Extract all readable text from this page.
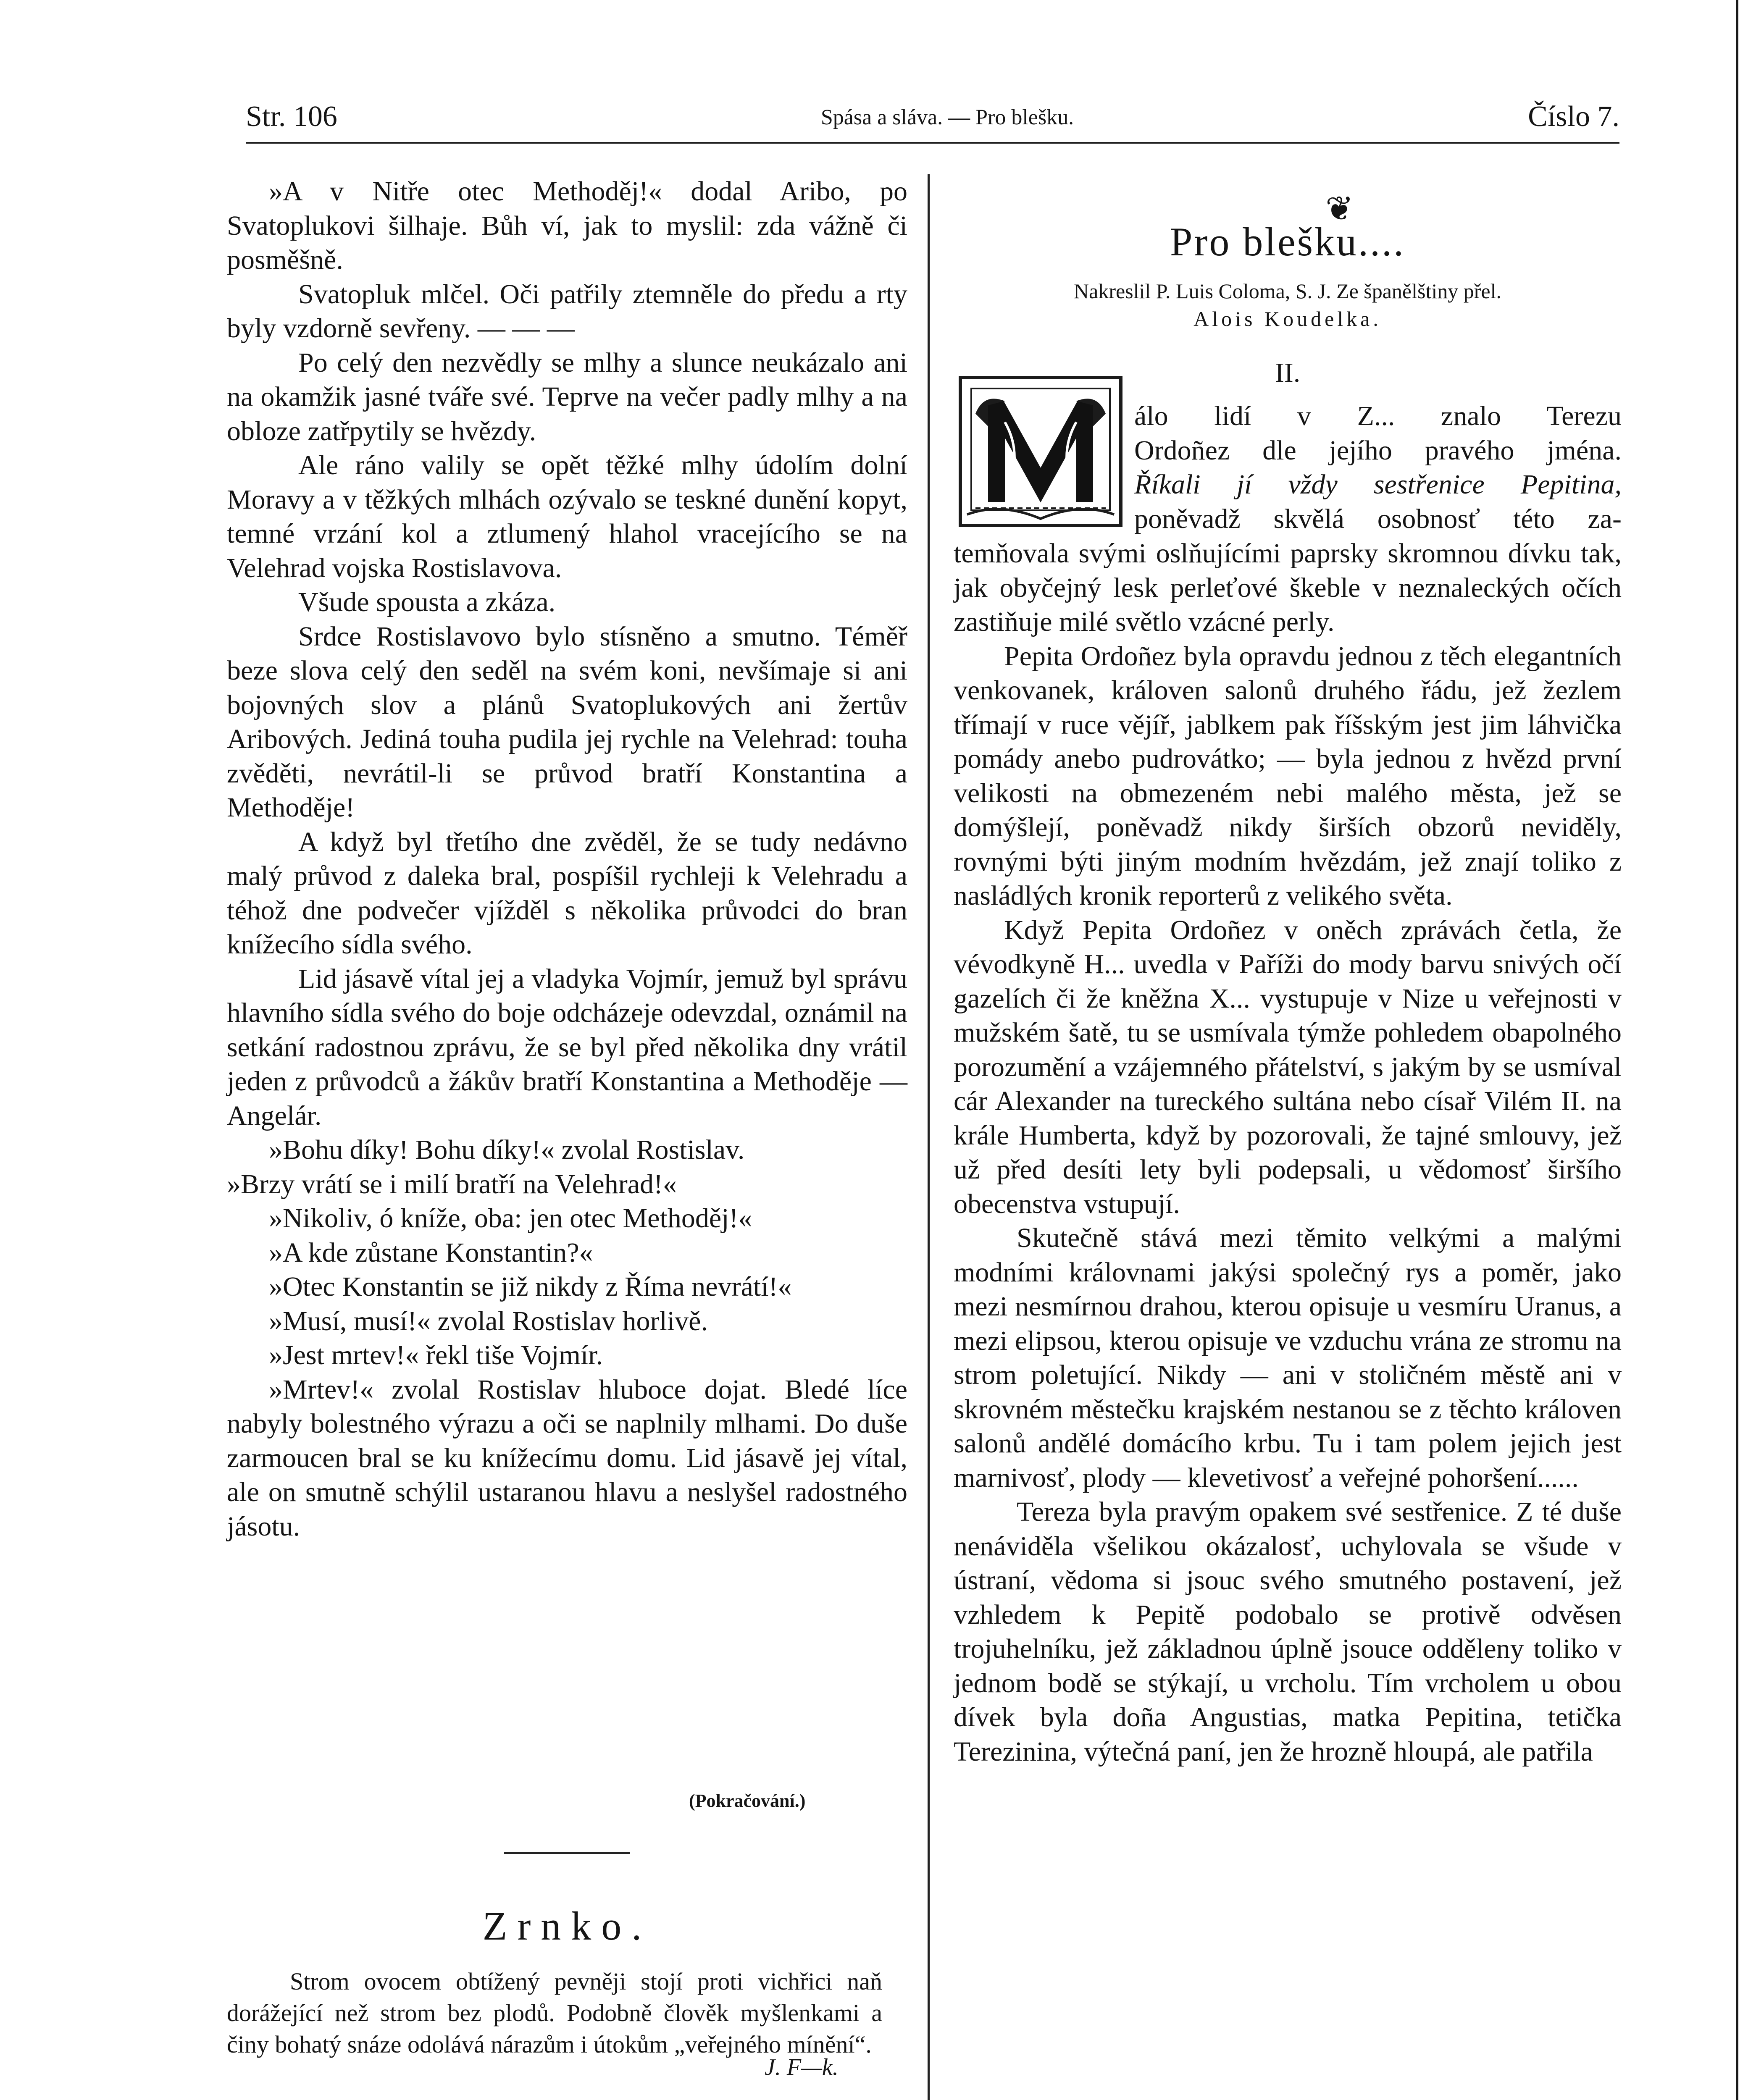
Str. 106	Spása a sláva. — Pro blešku.	Číslo 7.

»A v Nitře otec Methoděj!« dodal Aribo, po Svatoplukovi šilhaje. Bůh ví, jak to myslil: zda vážně či posměšně.

Svatopluk mlčel. Oči patřily ztemněle do předu a rty byly vzdorně sevřeny. — — —

Po celý den nezvědly se mlhy a slunce neukázalo ani na okamžik jasné tváře své. Teprve na večer padly mlhy a na obloze zatřpytily se hvězdy.

Ale ráno valily se opět těžké mlhy údolím dolní Moravy a v těžkých mlhách ozývalo se teskné dunění kopyt, temné vrzání kol a ztlumený hlahol vracejícího se na Velehrad vojska Rostislavova.

Všude spousta a zkáza.

Srdce Rostislavovo bylo stísněno a smutno. Téměř beze slova celý den seděl na svém koni, nevšímaje si ani bojovných slov a plánů Svatoplukových ani žertův Aribových. Jediná touha pudila jej rychle na Velehrad: touha zvěděti, nevrátil-li se průvod bratří Konstantina a Methoděje!

A když byl třetího dne zvěděl, že se tudy nedávno malý průvod z daleka bral, pospíšil rychleji k Velehradu a téhož dne podvečer vjížděl s několika průvodci do bran knížecího sídla svého.

Lid jásavě vítal jej a vladyka Vojmír, jemuž byl správu hlavního sídla svého do boje odcházeje odevzdal, oznámil na setkání radostnou zprávu, že se byl před několika dny vrátil jeden z průvodců a žákův bratří Konstantina a Methoděje — Angelár.

»Bohu díky! Bohu díky!« zvolal Rostislav.

»Brzy vrátí se i milí bratří na Velehrad!«

»Nikoliv, ó kníže, oba: jen otec Methoděj!«

»A kde zůstane Konstantin?«

»Otec Konstantin se již nikdy z Říma nevrátí!«

»Musí, musí!« zvolal Rostislav horlivě.

»Jest mrtev!« řekl tiše Vojmír.

»Mrtev!« zvolal Rostislav hluboce dojat. Bledé líce nabyly bolestného výrazu a oči se naplnily mlhami. Do duše zarmoucen bral se ku knížecímu domu. Lid jásavě jej vítal, ale on smutně schýlil ustaranou hlavu a neslyšel radostného jásotu.

(Pokračování.)
Zrnko.

Strom ovocem obtížený pevněji stojí proti vichřici naň dorážející než strom bez plodů. Podobně člověk myšlenkami a činy bohatý snáze odolává nárazům i útokům „veřejného mínění“.

J. F—k.
❦
Pro blešku....
Nakreslil P. Luis Coloma, S. J. Ze španělštiny přel.
Alois Koudelka.
II.
álo lidí v Z... znalo Terezu
Ordoñez dle jejího pravého jména.
Říkali jí vždy sestřenice Pepitina,
poněvadž skvělá osobnosť této za-

temňovala svými oslňujícími paprsky skromnou dívku tak, jak obyčejný lesk perleťové škeble v neznaleckých očích zastiňuje milé světlo vzácné perly.

Pepita Ordoñez byla opravdu jednou z těch elegantních venkovanek, královen salonů druhého řádu, jež žezlem třímají v ruce vějíř, jablkem pak říšským jest jim láhvička pomády anebo pudrovátko; — byla jednou z hvězd první velikosti na obmezeném nebi malého města, jež se domýšlejí, poněvadž nikdy širších obzorů neviděly, rovnými býti jiným modním hvězdám, jež znají toliko z nasládlých kronik reporterů z velikého světa.

Když Pepita Ordoñez v oněch zprávách četla, že vévodkyně H... uvedla v Paříži do mody barvu snivých očí gazelích či že kněžna X... vystupuje v Nize u veřejnosti v mužském šatě, tu se usmívala týmže pohledem obapolného porozumění a vzájemného přátelství, s jakým by se usmíval cár Alexander na tureckého sultána nebo císař Vilém II. na krále Humberta, když by pozorovali, že tajné smlouvy, jež už před desíti lety byli podepsali, u vědomosť širšího obecenstva vstupují.

Skutečně stává mezi těmito velkými a malými modními královnami jakýsi společný rys a poměr, jako mezi nesmírnou drahou, kterou opisuje u vesmíru Uranus, a mezi elipsou, kterou opisuje ve vzduchu vrána ze stromu na strom poletující. Nikdy — ani v stoličném městě ani v skrovném městečku krajském nestanou se z těchto královen salonů andělé domácího krbu. Tu i tam polem jejich jest marnivosť, plody — klevetivosť a veřejné pohoršení......

Tereza byla pravým opakem své sestřenice. Z té duše nenáviděla všelikou okázalosť, uchylovala se všude v ústraní, vědoma si jsouc svého smutného postavení, jež vzhledem k Pepitě podobalo se protivě odvěsen trojuhelníku, jež základnou úplně jsouce odděleny toliko v jednom bodě se stýkají, u vrcholu. Tím vrcholem u obou dívek byla doña Angustias, matka Pepitina, tetička Terezinina, výtečná paní, jen že hrozně hloupá, ale patřila
